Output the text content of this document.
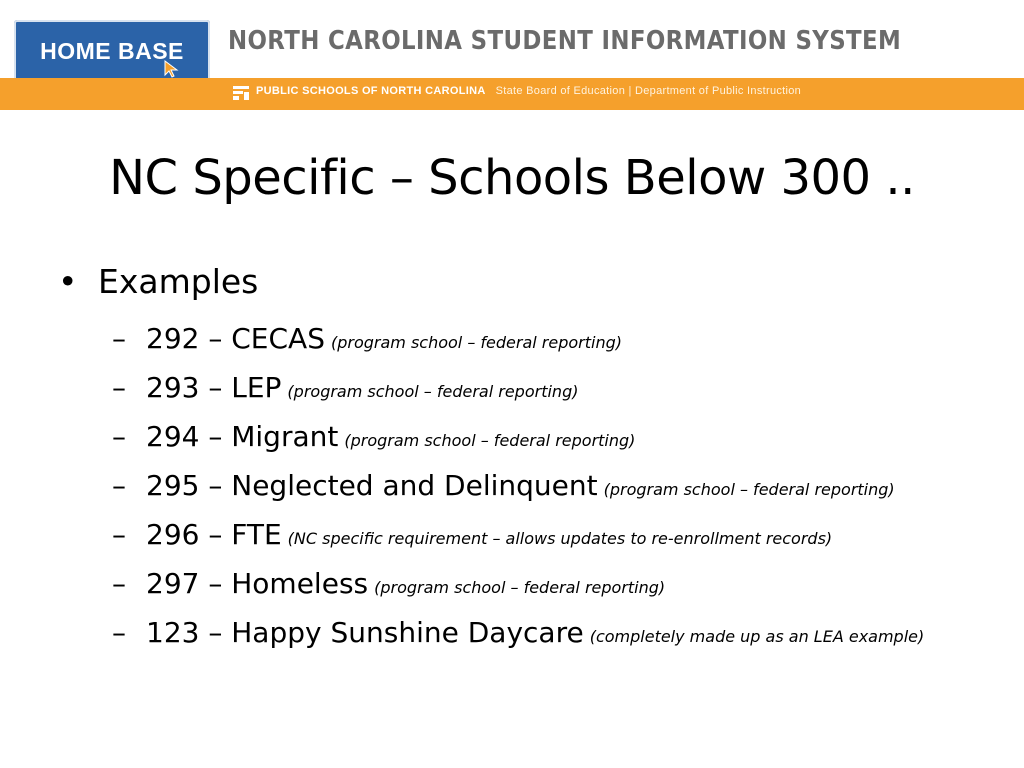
HOME BASE	NORTH CAROLINA STUDENT INFORMATION SYSTEM
PUBLIC SCHOOLS OF NORTH CAROLINA State Board of Education | Department of Public Instruction
NC Specific – Schools Below 300 ..
• Examples
– 292 – CECAS (program school – federal reporting)
– 293 – LEP (program school – federal reporting)
– 294 – Migrant (program school – federal reporting)
– 295 – Neglected and Delinquent (program school – federal reporting)
– 296 – FTE (NC specific requirement – allows updates to re-enrollment records)
– 297 – Homeless (program school – federal reporting)
– 123 – Happy Sunshine Daycare (completely made up as an LEA example)
